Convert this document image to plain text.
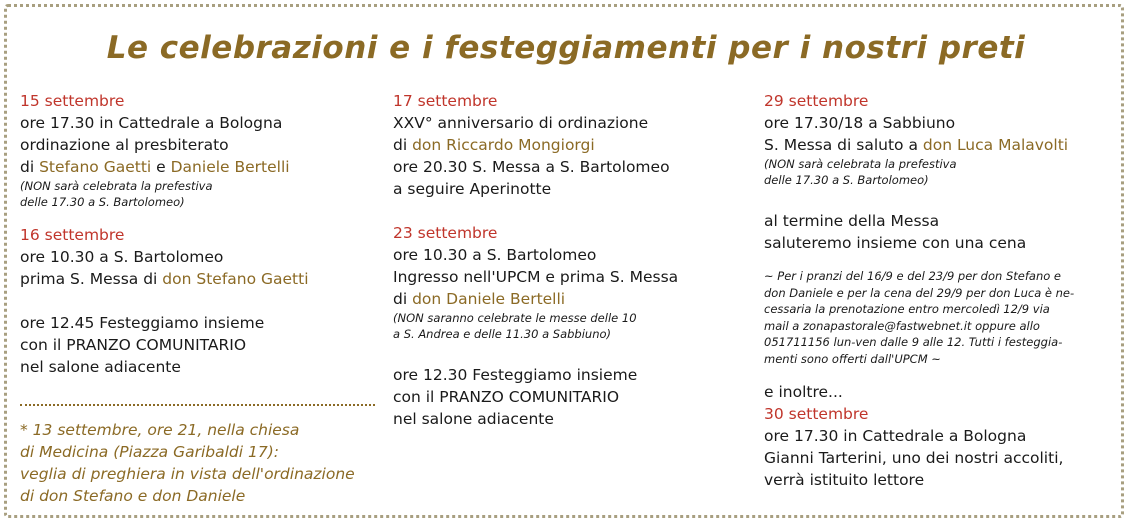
Le celebrazioni e i festeggiamenti per i nostri preti
15 settembre
ore 17.30 in Cattedrale a Bologna
ordinazione al presbiterato
di Stefano Gaetti e Daniele Bertelli
(NON sarà celebrata la prefestiva
delle 17.30 a S. Bartolomeo)
16 settembre
ore 10.30 a S. Bartolomeo
prima S. Messa di don Stefano Gaetti
ore 12.45 Festeggiamo insieme
con il PRANZO COMUNITARIO
nel salone adiacente
* 13 settembre, ore 21, nella chiesa
di Medicina (Piazza Garibaldi 17):
veglia di preghiera in vista dell'ordinazione
di don Stefano e don Daniele
17 settembre
XXV° anniversario di ordinazione
di don Riccardo Mongiorgi
ore 20.30 S. Messa a S. Bartolomeo
a seguire Aperinotte
23 settembre
ore 10.30 a S. Bartolomeo
Ingresso nell'UPCM e prima S. Messa
di don Daniele Bertelli
(NON saranno celebrate le messe delle 10
a S. Andrea e delle 11.30 a Sabbiuno)
ore 12.30 Festeggiamo insieme
con il PRANZO COMUNITARIO
nel salone adiacente
29 settembre
ore 17.30/18 a Sabbiuno
S. Messa di saluto a don Luca Malavolti
(NON sarà celebrata la prefestiva
delle 17.30 a S. Bartolomeo)
al termine della Messa
saluteremo insieme con una cena
~ Per i pranzi del 16/9 e del 23/9 per don Stefano e
don Daniele e per la cena del 29/9 per don Luca è ne-
cessaria la prenotazione entro mercoledì 12/9 via
mail a zonapastorale@fastwebnet.it oppure allo
051711156 lun-ven dalle 9 alle 12. Tutti i festeggia-
menti sono offerti dall'UPCM ~
e inoltre...
30 settembre
ore 17.30 in Cattedrale a Bologna
Gianni Tarterini, uno dei nostri accoliti,
verrà istituito lettore
